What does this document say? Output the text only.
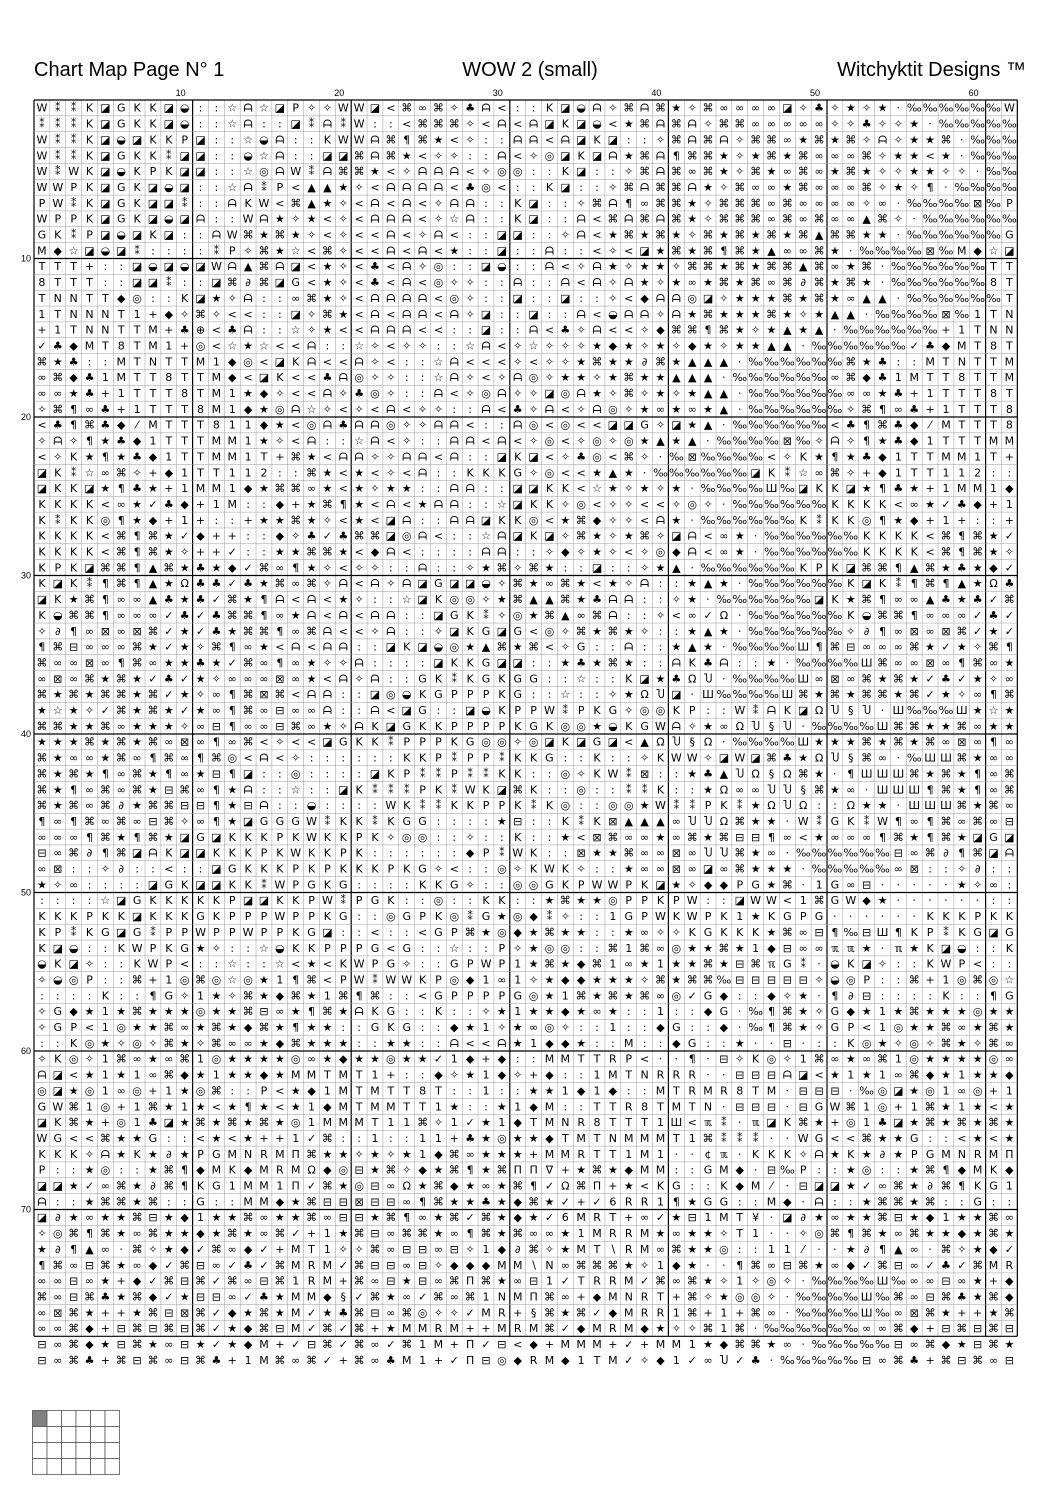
Chart Map Page N° 1	WOW 2 (small)	Witchyktit Designs ™
10	20	30	40	50	60
10
20
30
40
50
60
70
W ⁑ ⁑ K ◪ G K K ◪ ◒ : : ☆ ᗩ ☆ ◪ P ✧ ✧ W W ◪ < ⌘ ∞ ⌘ ✧ ♣ ᗩ < : : K ◪ ◒ ᗩ ✧ ⌘ ᗩ ⌘ ★ ✧ ⌘ ∞ ∞ ∞ ∞ ◪ ✧ ♣ ✧ ★ ✧ ★ ⋅ ‰ ‰ ‰ ‰ ‰ ‰ W
⁑ ⁑ ⁑ K ◪ G K K ◪ ◒ : : ☆ ᗩ : : ◪ ⁑ ᗩ ⁑ W : : < ⌘ ⌘ ⌘ ✧ < ᗩ < ᗩ ◪ K ◪ ◒ < ★ ⌘ ᗩ ⌘ ᗩ ✧ ⌘ ⌘ ∞ ∞ ∞ ∞ ∞ ✧ ✧ ♣ ✧ ✧ ★ ⋅ ‰ ‰ ‰ ‰ ‰
W ⁑ ⁑ K ◪ ◒ ◪ K K P ◪ : : ☆ ◒ ᗩ : : K W W ᗩ ⌘ ¶ ⌘ ★ < ✧ : : ᗩ ᗩ < ᗩ ◪ K ◪ : : ✧ ⌘ ᗩ ⌘ ᗩ ✧ ⌘ ⌘ ∞ ★ ⌘ ★ ⌘ ✧ ᗩ ✧ ★ ★ ⌘ ⋅ ‰ ‰ ‰
W ⁑ ⁑ K ◪ G K K ⁑ ◪ ◪ : : ◒ ☆ ᗩ : : ◪ ◪ ⌘ ᗩ ⌘ ★ < ✧ ✧ : : ᗩ < ✧ ◎ ◪ K ◪ ᗩ ★ ⌘ ᗩ ¶ ⌘ ⌘ ★ ✧ ★ ⌘ ★ ⌘ ∞ ∞ ∞ ⌘ ✧ ★ ★ < ★ ⋅ ‰ ‰ ‰
W ⁑ W K ◪ ◒ K P K ◪ ◪ : : ☆ ◎ ᗩ W ⁑ ᗩ ⌘ ⌘ ★ < ✧ ᗩ ᗩ ᗩ < ✧ ◎ ◎ : : K ◪ : : ✧ ⌘ ᗩ ⌘ ∞ ⌘ ★ ✧ ⌘ ★ ∞ ⌘ ∞ ★ ⌘ ★ ✧ ✧ ★ ★ ✧ ✧ ⋅ ‰ ‰
W W P K ◪ G K ◪ ◒ ◪ : : ☆ ᗩ ⁑ P < ▲ ▲ ★ ✧ < ᗩ ᗩ ᗩ ᗩ < ♣ ◎ < : : K ◪ : : ✧ ⌘ ᗩ ⌘ ⌘ ᗩ ★ ✧ ⌘ ∞ ∞ ★ ⌘ ∞ ∞ ∞ ⌘ ✧ ★ ✧ ¶ ⋅ ‰ ‰ ‰ ‰
P W ⁑ K ◪ G K ◪ ◪ ⁑ : : ᗩ K W < ⌘ ▲ ★ ✧ < ᗩ < ᗩ < ✧ ᗩ ᗩ : : K ◪ : : ✧ ⌘ ᗩ ¶ ∞ ⌘ ⌘ ★ ✧ ⌘ ⌘ ⌘ ∞ ⌘ ∞ ∞ ∞ ∞ ✧ ∞ ⋅ ‰ ‰ ‰ ‰ ⊠ ‰ P
W P P K ◪ G K ◪ ◒ ◪ ᗩ : : W ᗩ ★ ✧ ★ < ✧ < ᗩ ᗩ ᗩ < ✧ ☆ ᗩ : : K ◪ : : ᗩ < ⌘ ᗩ ⌘ ᗩ ⌘ ★ ✧ ⌘ ⌘ ⌘ ∞ ⌘ ∞ ⌘ ∞ ∞ ▲ ⌘ ✧ ⋅ ‰ ‰ ‰ ‰ ‰ ‰
G K ⁑ P ◪ ◒ ◪ K ◪ : : ᗩ W ⌘ ★ ⌘ ★ ✧ < ✧ < < ᗩ < ✧ ᗩ < : : ◪ ◪ : : ✧ ᗩ < ★ ⌘ ★ ⌘ ★ ✧ ⌘ ★ ⌘ ★ ⌘ ★ ⌘ ▲ ⌘ ⌘ ★ ★ ⋅ ‰ ‰ ‰ ‰ ‰ ‰ G
M ◆ ☆ ◪ ◒ ◪ ⁑ : : : : ⁑ P ✧ ⌘ ★ ☆ < ⌘ ✧ < < ᗩ < ᗩ < ★ : : ◪ : : ᗩ : : < ✧ < ◪ ★ ⌘ ★ ⌘ ¶ ⌘ ★ ▲ ∞ ∞ ⌘ ★ ⋅ ‰ ‰ ‰ ‰ ⊠ ‰ M ◆ ☆ ◪
T T T + : : ◪ ◒ ◪ ◒ ◪ W ᗩ ▲ ⌘ ᗩ ◪ < ★ ✧ < ♣ < ᗩ ✧ ◎ : : ◪ ◒ : : ᗩ < ✧ ᗩ ★ ✧ ★ ★ ✧ ⌘ ⌘ ★ ⌘ ★ ⌘ ⌘ ▲ ⌘ ∞ ★ ⌘ ⋅ ‰ ‰ ‰ ‰ ‰ ‰ T T
8 T T T : : ◪ ◪ ⁑ : : ◪ ⌘ ∂ ⌘ ◪ G < ★ ✧ < ♣ < ᗩ < ◎ ✧ ✧ : : ᗩ : : ᗩ < ᗩ ✧ ᗩ ★ ✧ ★ ∞ ★ ⌘ ★ ⌘ ∞ ⌘ ∂ ⌘ ★ ⌘ ★ ⋅ ‰ ‰ ‰ ‰ ‰ ‰ 8 T
T N N T T ◆ ◎ : : K ◪ ★ ✧ ᗩ : : ∞ ⌘ ★ ✧ < ᗩ ᗩ ᗩ ᗩ < ◎ ✧ : : ◪ : : ◪ : : ✧ < ◆ ᗩ ᗩ ◎ ◪ ✧ ★ ★ ★ ⌘ ★ ⌘ ★ ∞ ▲ ▲ ⋅ ‰ ‰ ‰ ‰ ‰ ‰ T
1 T N N N T 1 + ◆ ✧ ⌘ ✧ < < : : ◪ ✧ ⌘ ★ < ᗩ < ᗩ ᗩ < ᗩ ✧ ◪ : : ◪ : : ᗩ < ◒ ᗩ ᗩ ✧ ᗩ ★ ⌘ ★ ★ ★ ⌘ ★ ✧ ★ ▲ ▲ ⋅ ‰ ‰ ‰ ‰ ⊠ ‰ 1 T N
+ 1 T N N T T M + ♣ ⊕ < ♣ ᗩ : : ☆ ✧ ★ < < ᗩ ᗩ ᗩ < < : : ◪ : : ᗩ < ♣ ✧ ᗩ < < ✧ ◆ ⌘ ⌘ ¶ ⌘ ★ ✧ ★ ▲ ★ ▲ ⋅ ‰ ‰ ‰ ‰ ‰ ‰ + 1 T N N
✓ ♣ ◆ M T 8 T M 1 + ◎ < ☆ ★ ☆ < < ᗩ : : ☆ ✧ < ✧ ✧ : : ☆ ᗩ < ✧ ☆ ✧ ✧ ✧ ★ ◆ ★ ✧ ★ ✧ ◆ ★ ✧ ★ ★ ▲ ▲ ⋅ ‰ ‰ ‰ ‰ ‰ ‰ ✓ ♣ ◆ M T 8 T
⌘ ★ ♣ : : M T N T T M 1 ◆ ◎ < ◪ K ᗩ < < ᗩ ✧ < : : ☆ ᗩ < < < ✧ < ✧ ✧ ★ ⌘ ★ ★ ∂ ⌘ ★ ▲ ▲ ▲ ⋅ ‰ ‰ ‰ ‰ ‰ ‰ ⌘ ★ ♣ : : M T N T T M
∞ ⌘ ◆ ♣ 1 M T T 8 T T M ◆ < ◪ K < < ♣ ᗩ ◎ ✧ ✧ : : ☆ ᗩ ✧ < ✧ ᗩ ◎ ✧ ★ ★ ✧ ★ ⌘ ★ ★ ▲ ▲ ▲ ⋅ ‰ ‰ ‰ ‰ ‰ ‰ ∞ ⌘ ◆ ♣ 1 M T T 8 T T M
∞ ∞ ★ ♣ + 1 T T T 8 T M 1 ★ ◆ ✧ < < ᗩ ✧ ♣ ◎ ✧ : : ᗩ < ✧ ◎ ᗩ ✧ ✧ ◪ ◎ ᗩ ★ ✧ ⌘ ✧ ★ ✧ ★ ▲ ▲ ⋅ ‰ ‰ ‰ ‰ ‰ ‰ ∞ ∞ ★ ♣ + 1 T T T 8 T
✧ ⌘ ¶ ∞ ♣ + 1 T T T 8 M 1 ◆ ★ ◎ ᗩ ☆ ✧ < ✧ < ᗩ < ✧ ✧ : : ᗩ < ♣ ✧ ᗩ < ✧ ᗩ ◎ ✧ ★ ∞ ★ ∞ ★ ▲ ⋅ ‰ ‰ ‰ ‰ ‰ ‰ ✧ ⌘ ¶ ∞ ♣ + 1 T T T 8
< ♣ ¶ ⌘ ♣ ◆ ⁄ M T T T 8 1 1 ◆ ★ < ◎ ᗩ ♣ ᗩ ᗩ ◎ ✧ ✧ ᗩ ᗩ < : : ᗩ ◎ < ◎ < < ◪ ◪ G ✧ ◪ ★ ▲ ⋅ ‰ ‰ ‰ ‰ ‰ ‰ < ♣ ¶ ⌘ ♣ ◆ ⁄ M T T T 8
✧ ᗩ ✧ ¶ ★ ♣ ◆ 1 T T T M M 1 ★ ✧ < ᗩ : : ☆ ᗩ < ✧ : : ᗩ ᗩ < ᗩ < ✧ ◎ < ✧ ◎ ✧ ◎ ★ ▲ ★ ▲ ⋅ ‰ ‰ ‰ ‰ ⊠ ‰ ✧ ᗩ ✧ ¶ ★ ♣ ◆ 1 T T T M M
< ✧ K ★ ¶ ★ ♣ ◆ 1 T T M M 1 T + ⌘ ★ < ᗩ ᗩ ✧ ✧ ᗩ ᗩ < ᗩ : : ◪ K ◪ < ✧ ♣ ◎ < ⌘ ✧ ⋅ ‰ ⊠ ‰ ‰ ‰ ‰ < ✧ K ★ ¶ ★ ♣ ◆ 1 T T M M 1 T +
◪ K ⁑ ☆ ∞ ⌘ ✧ + ◆ 1 T T 1 1 2 : : ⌘ ★ < ★ < ✧ < ᗩ : : K K K G ✧ ◎ < < ★ ▲ ★ ⋅ ‰ ‰ ‰ ‰ ‰ ‰ ◪ K ⁑ ☆ ∞ ⌘ ✧ + ◆ 1 T T 1 1 2 : :
◪ K K ◪ ★ ¶ ♣ ★ + 1 M M 1 ◆ ★ ⌘ ⌘ ∞ ★ < ★ ✧ ★ ★ : : ᗩ ᗩ : : ◪ ◪ K K < ☆ ★ ✧ ★ ✧ ★ ⋅ ‰ ‰ ‰ ‰ Ш ‰ ◪ K K ◪ ★ ¶ ♣ ★ + 1 M M 1 ◆
K K K K < ∞ ★ ✓ ♣ ◆ + 1 M : : ◆ + ★ ⌘ ¶ ★ < ᗩ < ★ ᗩ ᗩ : : ☆ ◪ K K ✧ ◎ < ✧ ✧ < < ✧ ◎ ✧ ⋅ ‰ ‰ ‰ ‰ ‰ ‰ K K K K < ∞ ★ ✓ ♣ ◆ + 1
K ⁑ K K ◎ ¶ ★ ◆ + 1 + : : + ★ ★ ⌘ ★ ✧ < ★ < ◪ ᗩ : : ᗩ ᗩ ◪ K K ◎ < ★ ⌘ ◆ ✧ ✧ < ᗩ ★ ⋅ ‰ ‰ ‰ ‰ ‰ ‰ K ⁑ K K ◎ ¶ ★ ◆ + 1 + : : +
K K K K < ⌘ ¶ ⌘ ★ ✓ ◆ + + : : ◆ ✧ ♣ ✓ ♣ ⌘ ⌘ ◪ ◎ ᗩ < : : ☆ ᗩ ◪ K ◪ ✧ ⌘ ★ ✧ ★ ⌘ ✧ ◪ ᗩ < ∞ ★ ⋅ ‰ ‰ ‰ ‰ ‰ ‰ K K K K < ⌘ ¶ ⌘ ★ ✓
K K K K < ⌘ ¶ ⌘ ★ ✧ + + ✓ : : ★ ★ ⌘ ⌘ ★ < ◆ ᗩ < : : : : ᗩ ᗩ : : ✧ ◆ ✧ ★ ✧ < ✧ ◎ ◆ ᗩ < ∞ ★ ⋅ ‰ ‰ ‰ ‰ ‰ ‰ K K K K < ⌘ ¶ ⌘ ★ ✧
K P K ◪ ⌘ ⌘ ¶ ▲ ⌘ ★ ♣ ★ ◆ ✓ ⌘ ∞ ¶ ★ ✧ < ✧ ✧ : : ᗩ : : ✧ ★ ⌘ ✧ ⌘ ★ : : ◪ : : ✧ ★ ▲ ⋅ ‰ ‰ ‰ ‰ ‰ ‰ K P K ◪ ⌘ ⌘ ¶ ▲ ⌘ ★ ♣ ★ ◆ ✓
K ◪ K ⁑ ¶ ⌘ ¶ ▲ ★ Ω ♣ ♣ ✓ ♣ ★ ⌘ ∞ ⌘ ✧ ᗩ < ᗩ ✧ ᗩ ◪ G ◪ ◪ ◒ ✧ ⌘ ★ ∞ ⌘ ★ < ★ ✧ ᗩ : : ★ ▲ ★ ⋅ ‰ ‰ ‰ ‰ ‰ ‰ K ◪ K ⁑ ¶ ⌘ ¶ ▲ ★ Ω ♣
◪ K ★ ⌘ ¶ ∞ ∞ ▲ ♣ ★ ♣ ✓ ⌘ ★ ¶ ᗩ < ᗩ < ★ ✧ : : ☆ ◪ K ◎ ◎ ✧ ★ ⌘ ▲ ▲ ⌘ ★ ♣ ᗩ ᗩ : : ✧ ★ ⋅ ‰ ‰ ‰ ‰ ‰ ‰ ◪ K ★ ⌘ ¶ ∞ ∞ ▲ ♣ ★ ♣ ✓ ⌘
K ◒ ⌘ ⌘ ¶ ∞ ∞ ∞ ✓ ♣ ✓ ♣ ⌘ ⌘ ¶ ∞ ★ ᗩ < ᗩ < ᗩ ᗩ : : ◪ G K ⁑ ✧ ◎ ★ ⌘ ▲ ∞ ⌘ ᗩ : : ✧ < ∞ ✓ Ω ⋅ ‰ ‰ ‰ ‰ ‰ ‰ K ◒ ⌘ ⌘ ¶ ∞ ∞ ∞ ✓ ♣ ✓
✧ ∂ ¶ ∞ ⊠ ∞ ⊠ ⌘ ✓ ★ ✓ ♣ ★ ⌘ ⌘ ¶ ∞ ⌘ ᗩ < < ✧ ᗩ : : ✧ ◪ K G ◪ G < ◎ ✧ ⌘ ★ ⌘ ★ ✧ : : ★ ▲ ★ ⋅ ‰ ‰ ‰ ‰ ‰ ‰ ✧ ∂ ¶ ∞ ⊠ ∞ ⊠ ⌘ ✓ ★ ✓
¶ ⌘ ⊟ ∞ ∞ ∞ ⌘ ★ ✓ ★ ✧ ⌘ ¶ ∞ ★ < ᗩ < ᗩ ᗩ : : ◪ K ◪ ◒ ◎ ★ ▲ ⌘ ★ ⌘ < ✧ G : : ᗩ : : ★ ▲ ★ ⋅ ‰ ‰ ‰ ‰ Ш ¶ ⌘ ⊟ ∞ ∞ ∞ ⌘ ★ ✓ ★ ✧ ⌘ ¶
⌘ ∞ ∞ ⊠ ∞ ¶ ⌘ ∞ ★ ★ ♣ ★ ✓ ⌘ ∞ ¶ ∞ ★ ✧ ✧ ᗩ : : : : ◪ K K G ◪ ◪ : : ★ ♣ ★ ⌘ ★ : : ᗩ K ♣ ᗩ : : ★ ⋅ ‰ ‰ ‰ ‰ Ш ⌘ ∞ ∞ ⊠ ∞ ¶ ⌘ ∞ ★
∞ ⊠ ∞ ⌘ ★ ⌘ ★ ✓ ♣ ✓ ★ ✧ ∞ ∞ ∞ ⊠ ∞ ★ < ᗩ ✧ ᗩ : : G K ⁑ K G K G G : : ☆ : : K ◪ ★ ♣ Ω Ⴎ ⋅ ‰ ‰ ‰ ‰ Ш ∞ ⊠ ∞ ⌘ ★ ⌘ ★ ✓ ♣ ✓ ★ ✧ ∞
⌘ ★ ⌘ ★ ⌘ ⌘ ★ ⌘ ✓ ★ ✧ ∞ ¶ ⌘ ⊠ ⌘ < ᗩ ᗩ : : ◪ ◎ ◒ K G P P P K G : : ☆ : : ✧ ★ Ω Ⴎ ◪ ⋅ Ш ‰ ‰ ‰ ‰ Ш ⌘ ★ ⌘ ★ ⌘ ⌘ ★ ⌘ ✓ ★ ✧ ∞ ¶ ⌘
★ ☆ ★ ✧ ✓ ⌘ ★ ⌘ ★ ✓ ★ ∞ ¶ ⌘ ∞ ⊟ ∞ ∞ ᗩ : : ᗩ < ◪ G : : ◪ ◒ K P P W ⁑ P K G ✧ ◎ ◎ K P : : W ⁑ ᗩ K ◪ Ω Ⴎ § Ⴎ ⋅ Ш ‰ ‰ ‰ Ш ★ ☆ ★
⌘ ⌘ ★ ★ ⌘ ∞ ★ ★ ★ ✧ ∞ ⊟ ¶ ∞ ∞ ⊟ ⌘ ∞ ★ ✧ ᗩ K ◪ G K K P P P P K G K ◎ ◎ ★ ◒ K G W ᗩ ✧ ★ ∞ Ω Ⴎ § Ⴎ ⋅ ‰ ‰ ‰ ‰ Ш ⌘ ⌘ ★ ★ ⌘ ∞ ★ ★
★ ★ ★ ⌘ ★ ⌘ ★ ⌘ ∞ ⊠ ∞ ¶ ∞ ⌘ < ✧ < < ◪ G K K ⁑ P P P K G ◎ ◎ ✧ ◎ ◪ K ◪ G ◪ < ▲ Ω Ⴎ § Ω ⋅ ‰ ‰ ‰ ‰ Ш ★ ★ ★ ⌘ ★ ⌘ ★ ⌘ ∞ ⊠ ∞ ¶ ∞
⌘ ★ ∞ ∞ ★ ⌘ ∞ ¶ ⌘ ∞ ¶ ⌘ ◎ < ᗩ < ✧ : : : : : : K K P ⁑ P P ⁑ K K G : : K : : ✧ K W W ✧ ◪ W ◪ ⌘ ♣ ★ Ω Ⴎ § ⌘ ∞ ⋅ ‰ Ш Ш ⌘ ★ ∞ ∞
⌘ ★ ⌘ ★ ¶ ∞ ⌘ ★ ¶ ∞ ★ ⊟ ¶ ◪ : : ◎ : : : : ◪ K P ⁑ ⁑ P ⁑ ⁑ K K : : ◎ ✧ K W ⁑ ⊠ : : ★ ♣ ▲ Ⴎ Ω § Ω ⌘ ★ ⋅ ¶ Ш Ш Ш ⌘ ★ ⌘ ★ ¶ ∞ ⌘
⌘ ★ ¶ ∞ ⌘ ∞ ⌘ ★ ⊟ ⌘ ∞ ¶ ★ ᗩ : : ☆ : : ◪ K ⁑ ⁑ ⁑ P K ⁑ W K ◪ ⌘ K : : ◎ : : ⁑ ⁑ K : : ★ Ω ∞ ∞ Ⴎ Ⴎ § ⌘ ★ ∞ ⋅ Ш Ш Ш ¶ ⌘ ★ ¶ ∞ ⌘
⌘ ★ ⌘ ∞ ⌘ ∂ ★ ⌘ ⌘ ⊟ ⊟ ¶ ★ ⊟ ᗩ : : ◒ : : : : W K ⁑ ⁑ K K P P K ⁑ K ◎ : : ◎ ◎ ★ W ⁑ ⁑ P K ⁑ ★ Ω Ⴎ Ω : : Ω ★ ★ ⋅ Ш Ш Ш ⌘ ★ ⌘ ∞
¶ ∞ ¶ ⌘ ∞ ⌘ ∞ ⊟ ⌘ ✧ ∞ ¶ ★ ◪ G G G W ⁑ K K ⁑ K G G : : : : ★ ⊟ : : K ⁑ K ⊠ ▲ ▲ ▲ ∞ Ⴎ Ⴎ Ω ⌘ ★ ★ ⋅ W ⁑ G K ⁑ W ¶ ∞ ¶ ⌘ ∞ ⌘ ∞ ⊟
∞ ∞ ∞ ¶ ⌘ ★ ¶ ⌘ ★ ◪ G ◪ K K K P K W K K P K ✧ ◎ ◎ : : ✧ : : K : : ★ < ⊠ ⌘ ∞ ∞ ★ ∞ ⌘ ★ ⌘ ⊟ ⊟ ¶ ∞ < ★ ∞ ∞ ∞ ¶ ⌘ ★ ¶ ⌘ ★ ◪ G ◪
⊟ ∞ ⌘ ∂ ¶ ⌘ ◪ ᗩ K ◪ ◪ K K K P K W K K P K : : : : : : ◆ P ⁑ W K : : ⊠ ★ ★ ⌘ ∞ ∞ ⊠ ∞ Ⴎ Ⴎ ⌘ ★ ∞ ⋅ ‰ ‰ ‰ ‰ ‰ ‰ ⊟ ∞ ⌘ ∂ ¶ ⌘ ◪ ᗩ
∞ ⊠ : : ✧ ∂ : : < : : ◪ G K K K P K P K K K P K G ✧ < : : ◎ ✧ K W K ✧ : : ★ ∞ ∞ ⊠ ∞ ◪ ∞ ⌘ ★ ★ ★ ⋅ ‰ ‰ ‰ ‰ ‰ ∞ ⊠ : : ✧ ∂ : :
★ ✧ ∞ : : : : ◪ G K ◪ ◪ K K ⁑ W P G K G : : : : K K G ✧ : : ◎ ◎ G K P W W P K ◪ ★ ✧ ◆ ◆ P G ★ ⌘ ⋅ 1 G ∞ ⊟ ⋅ ⋅ ⋅ ⋅ ⋅ ★ ✧ ∞ :
: : : : ☆ ◪ G K K K K K P ◪ ◪ K K P W ⁑ P G K : : ◎ : : K K : : ★ ⌘ ★ ★ ◎ P P K P W : : ◪ W W < 1 ⌘ G W ◆ ★ ⋅ ⋅ ⋅ ⋅ ⋅ ⋅ : :
K K K P K K ◪ K K K G K P P P W P P K G : : ◎ G P K ◎ ⁑ G ★ ◎ ◆ ⁑ ✧ : : 1 G P W K W P K 1 ★ K G P G ⋅ ⋅ ⋅ ⋅ ⋅ ⋅ K K K P K K
K P ⁑ K G ◪ G ⁑ P P W P P W P P K G ◪ : : < : : < G P ⌘ ★ ◎ ◆ ★ ⌘ ★ ★ : : ★ ∞ ✧ ✧ K G K K K ★ ⌘ ∞ ⊟ ¶ ‰ ⊟ Ш ¶ K P ⁑ K G ◪ G
K ◪ ◒ : : K W P K G ★ ✧ : : ☆ ◒ K K P P P G < G : : ☆ : : P ✧ ★ ◎ ◎ : : ⌘ 1 ⌘ ∞ ◎ ★ ★ ⌘ ★ 1 ◆ ⊟ ∞ ∞ ℼ ℼ ★ ⋅ ℼ ★ K ◪ ◒ : : K
◒ K ◪ ✧ : : K W P < : : ☆ : : ☆ < ★ < K W P G ✧ : : G P W P 1 ★ ⌘ ★ ◆ ⌘ 1 ∞ ★ 1 ★ ★ ⌘ ★ ⊟ ⌘ ℼ G ⁑ ⋅ ◒ K ◪ ✧ : : K W P < : :
✧ ◒ ◎ P : : ⌘ + 1 ◎ ⌘ ◎ ☆ ◎ ★ 1 ¶ ⌘ < P W ⁑ W W K P ◎ ◆ 1 ∞ 1 ✧ ★ ◆ ◆ ★ ★ ★ ✧ ⌘ ★ ⌘ ⌘ ‰ ⊟ ⊟ ⊟ ⊟ ⊟ ✧ ◒ ◎ P : : ⌘ + 1 ◎ ⌘ ◎ ☆
: : : : K : : ¶ G ✧ 1 ★ ✧ ⌘ ★ ◆ ⌘ ★ 1 ⌘ ¶ ⌘ : : < G P P P P G ◎ ★ 1 ⌘ ★ ⌘ ★ ⌘ ∞ ◎ ✓ G ◆ : : ◆ ✧ ★ ⋅ ¶ ∂ ⊟ : : : : K : : ¶ G
✧ G ◆ ★ 1 ★ ⌘ ★ ★ ★ ◎ ★ ★ ⌘ ⊟ ∞ ★ ¶ ⌘ ★ ᗩ K G : : K : : ✧ ★ 1 ★ ★ ◆ ★ ∞ ★ : : 1 : : ◆ G ⋅ ‰ ¶ ⌘ ★ ✧ G ◆ ★ 1 ★ ⌘ ★ ★ ★ ◎ ★ ★
✧ G P < 1 ◎ ★ ★ ⌘ ∞ ★ ⌘ ★ ◆ ⌘ ★ ¶ ★ ★ : : G K G : : ◆ ★ 1 ✧ ★ ∞ ◎ ✧ : : 1 : : ◆ G : : ◆ ⋅ ‰ ¶ ⌘ ★ ✧ G P < 1 ◎ ★ ★ ⌘ ∞ ★ ⌘ ★
: : K ◎ ★ ✧ ◎ ✧ ⌘ ★ ✧ ⌘ ∞ ∞ ★ ◆ ⌘ ★ ★ ★ : : ★ ★ : : ᗩ < < ᗩ ★ 1 ◆ ◆ ★ : : M : : ◆ G : : ★ ⋅ ⋅ ⊟ ⋅ : : K ◎ ★ ✧ ◎ ✧ ⌘ ★ ✧ ⌘ ∞
✧ K ◎ ✧ 1 ⌘ ∞ ★ ∞ ⌘ 1 ◎ ★ ★ ★ ★ ◎ ∞ ★ ◆ ★ ★ ◎ ★ ★ ✓ 1 ◆ + ◆ : : M M T T R P < ⋅ ⋅ ¶ ⋅ ⊟ ✧ K ◎ ✧ 1 ⌘ ∞ ★ ∞ ⌘ 1 ◎ ★ ★ ★ ★ ◎ ∞
ᗩ ◪ < ★ 1 ★ 1 ∞ ⌘ ◆ ★ 1 ★ ★ ◆ ★ M M T M T 1 + : : ◆ ✧ ★ 1 ◆ ✧ + ◆ : : 1 M T N R R R ⋅ ⋅ ⊟ ⊟ ⊟ ᗩ ◪ < ★ 1 ★ 1 ∞ ⌘ ◆ ★ 1 ★ ★ ◆
◎ ◪ ★ ◎ 1 ∞ ◎ + 1 ★ ◎ ⌘ : : P < ★ ◆ 1 M T M T T 8 T : : 1 : : ★ ★ 1 ◆ 1 ◆ : : M T R M R 8 T M ⋅ ⊟ ⊟ ⊟ ⋅ ‰ ◎ ◪ ★ ◎ 1 ∞ ◎ + 1
G W ⌘ 1 ◎ + 1 ⌘ ★ 1 ★ < ★ ¶ ★ < ★ 1 ◆ M T M M T T 1 ★ : : ★ 1 ◆ M : : T T R 8 T M T N ⋅ ⊟ ⊟ ⊟ ⋅ ⊟ G W ⌘ 1 ◎ + 1 ⌘ ★ 1 ★ < ★
◪ K ⌘ ★ + ◎ 1 ♣ ◪ ★ ⌘ ★ ⌘ ★ ⌘ ★ ◎ 1 M M M T 1 1 ⌘ ✧ 1 ✓ ★ 1 ◆ T M N R 8 T T T 1 Ш < ℼ ⁑ ⋅ ℼ ◪ K ⌘ ★ + ◎ 1 ♣ ◪ ★ ⌘ ★ ⌘ ★ ⌘ ★
W G < < ⌘ ★ ★ G : : < ★ < ★ + + 1 ✓ ⌘ : : 1 : : 1 1 + ♣ ★ ◎ ★ ★ ◆ T M T N M M M T 1 ⌘ ⁑ ⁑ ⁑ ⋅ ⋅ W G < < ⌘ ★ ★ G : : < ★ < ★
K K K ✧ ᗩ ★ K ★ ∂ ★ P G M N R M Π ⌘ ★ ★ ✧ ★ ✧ ★ 1 ◆ ⌘ ∞ ★ ★ ★ + M M R T T 1 M 1 ⋅ ⋅ ¢ ℼ ⋅ K K K ✧ ᗩ ★ K ★ ∂ ★ P G M N R M Π
P : : ★ ◎ : : ★ ⌘ ¶ ◆ M K ◆ M R M Ω ◆ ◎ ⊟ ★ ⌘ ✧ ◆ ★ ⌘ ¶ ★ ⌘ Π Π ∇ + ★ ⌘ ★ ◆ M M : : G M ◆ ⋅ ⊟ ‰ P : : ★ ◎ : : ★ ⌘ ¶ ◆ M K ◆
◪ ◪ ★ ✓ ∞ ⌘ ★ ∂ ⌘ ¶ K G 1 M M 1 Π ✓ ⌘ ★ ◎ ⊟ ∞ Ω ★ ⌘ ◆ ★ ∞ ★ ⌘ ¶ ✓ Ω ⌘ Π + ★ < K G : : K ◆ M ⁄ ⋅ ⊟ ◪ ◪ ★ ✓ ∞ ⌘ ★ ∂ ⌘ ¶ K G 1
ᗩ : : ★ ⌘ ⌘ ★ ⌘ : : G : : M M ◆ ★ ⌘ ⊟ ⊟ ⊠ ⊟ ⊟ ∞ ¶ ⌘ ★ ★ ♣ ★ ◆ ⌘ ★ ✓ + ✓ 6 R R 1 ¶ ★ G G : : M ◆ ⋅ ᗩ : : ★ ⌘ ⌘ ★ ⌘ : : G : :
◪ ∂ ★ ∞ ★ ★ ⌘ ⊟ ★ ◆ 1 ★ ★ ⌘ ∞ ★ ★ ⌘ ∞ ⊟ ⊟ ★ ⌘ ¶ ∞ ★ ⌘ ✓ ⌘ ★ ◆ ★ ✓ 6 M R T + ∞ ✓ ★ ⊟ 1 M T ¥ ⋅ ◪ ∂ ★ ∞ ★ ★ ⌘ ⊟ ★ ◆ 1 ★ ★ ⌘ ∞
✧ ◎ ⌘ ¶ ⌘ ★ ∞ ⌘ ★ ★ ◆ ★ ⌘ ★ ∞ ⌘ ✓ + 1 ★ ⌘ ⊟ ∞ ⌘ ⌘ ★ ∞ ¶ ⌘ ★ ⌘ ∞ ∞ ★ 1 M R R M ★ ∞ ★ ★ ✧ T 1 ⋅ ⋅ ✧ ◎ ⌘ ¶ ⌘ ★ ∞ ⌘ ★ ★ ◆ ★ ⌘ ★
★ ∂ ¶ ▲ ∞ ⋅ ⌘ ✧ ★ ◆ ✓ ⌘ ∞ ◆ ✓ + M T 1 ✧ ✧ ⌘ ∞ ⊟ ⊟ ∞ ⊟ ✧ 1 ◆ ∂ ⌘ ✧ ★ M T ∖ R M ∞ ⌘ ★ ★ ◎ : : 1 1 ⁄ ⋅ ⋅ ★ ∂ ¶ ▲ ∞ ⋅ ⌘ ✧ ★ ◆ ✓
¶ ⌘ ∞ ⊟ ⌘ ★ ∞ ◆ ✓ ⌘ ⊟ ∞ ✓ ♣ ✓ ⌘ M R M ✓ ⌘ ⊟ ⊟ ∞ ⊟ ✧ ◆ ◆ ◆ M M ∖ N ∞ ⌘ ⌘ ⌘ ★ ✧ 1 ◆ ★ ⋅ ⋅ ¶ ⌘ ∞ ⊟ ⌘ ★ ∞ ◆ ✓ ⌘ ⊟ ∞ ✓ ♣ ✓ ⌘ M R
∞ ∞ ⊟ ∞ ★ + ◆ ✓ ⌘ ⊟ ⌘ ✓ ⌘ ∞ ⊟ ⌘ 1 R M + ⌘ ∞ ⊟ ★ ⊟ ∞ ⌘ Π ⌘ ★ ∞ ⊟ 1 ✓ T R R M ✓ ⌘ ∞ ⌘ ★ ✧ 1 ✧ ◎ ✧ ⋅ ‰ ‰ ‰ ‰ Ш ‰ ∞ ∞ ⊟ ∞ ★ + ◆
⌘ ∞ ⊟ ⌘ ♣ ★ ⌘ ◆ ✓ ★ ⊟ ⊟ ∞ ✓ ♣ ★ M M ◆ § ✓ ⌘ ★ ∞ ✓ ⌘ ∞ ⌘ 1 N M Π ⌘ ∞ + ◆ M N R T + ⌘ ✧ ★ ◎ ◎ ✧ ⋅ ‰ ‰ ‰ ‰ Ш ‰ ⌘ ∞ ⊟ ⌘ ♣ ★ ⌘ ◆
∞ ⊠ ⌘ ★ + + ★ ⌘ ⊟ ⊠ ⌘ ✓ ◆ ★ ⌘ ★ M ✓ ★ ♣ ⌘ ⊟ ∞ ⌘ ◎ ✧ ✧ ✓ M R + § ⌘ ★ ⌘ ✓ ◆ M R R 1 ⌘ + 1 + ⌘ ∞ ⋅ ‰ ‰ ‰ ‰ Ш ‰ ∞ ⊠ ⌘ ★ + + ★ ⌘
∞ ∞ ⌘ ◆ + ⊟ ⌘ ⊟ ⌘ ⊟ ⌘ ✓ ★ ◆ ⌘ ⊟ M ✓ ⌘ ✓ ⌘ + ★ M M R M + + M R M ⌘ ✓ ◆ M R M ◆ ★ ✧ ✧ ⌘ 1 ⌘ ⋅ ‰ ‰ ‰ ‰ ‰ ‰ ∞ ∞ ⌘ ◆ + ⊟ ⌘ ⊟ ⌘ ⊟
⊟ ∞ ⌘ ◆ ★ ⊟ ⌘ ★ ∞ ⊟ ★ ✓ ★ ◆ M + ✓ ⊟ ⌘ ✓ ⌘ ∞ ✓ ⌘ 1 M + Π ✓ ⊟ < ◆ + M M M + ✓ + M M 1 ★ ◆ ⌘ ⌘ ★ ∞ ⋅ ‰ ‰ ‰ ‰ ‰ ⊟ ∞ ⌘ ◆ ★ ⊟ ⌘ ★
⊟ ∞ ⌘ ♣ + ⌘ ⊟ ⌘ ∞ ⊟ ⌘ ♣ + 1 M ⌘ ∞ ⌘ ✓ + ⌘ ∞ ♣ M 1 + ✓ Π ⊟ ◎ ◆ R M ◆ 1 T M ✓ ✧ ◆ 1 ✓ ∞ Ⴎ ✓ ♣ ⋅ ‰ ‰ ‰ ‰ ‰ ⊟ ∞ ⌘ ♣ + ⌘ ⊟ ⌘ ∞ ⊟
